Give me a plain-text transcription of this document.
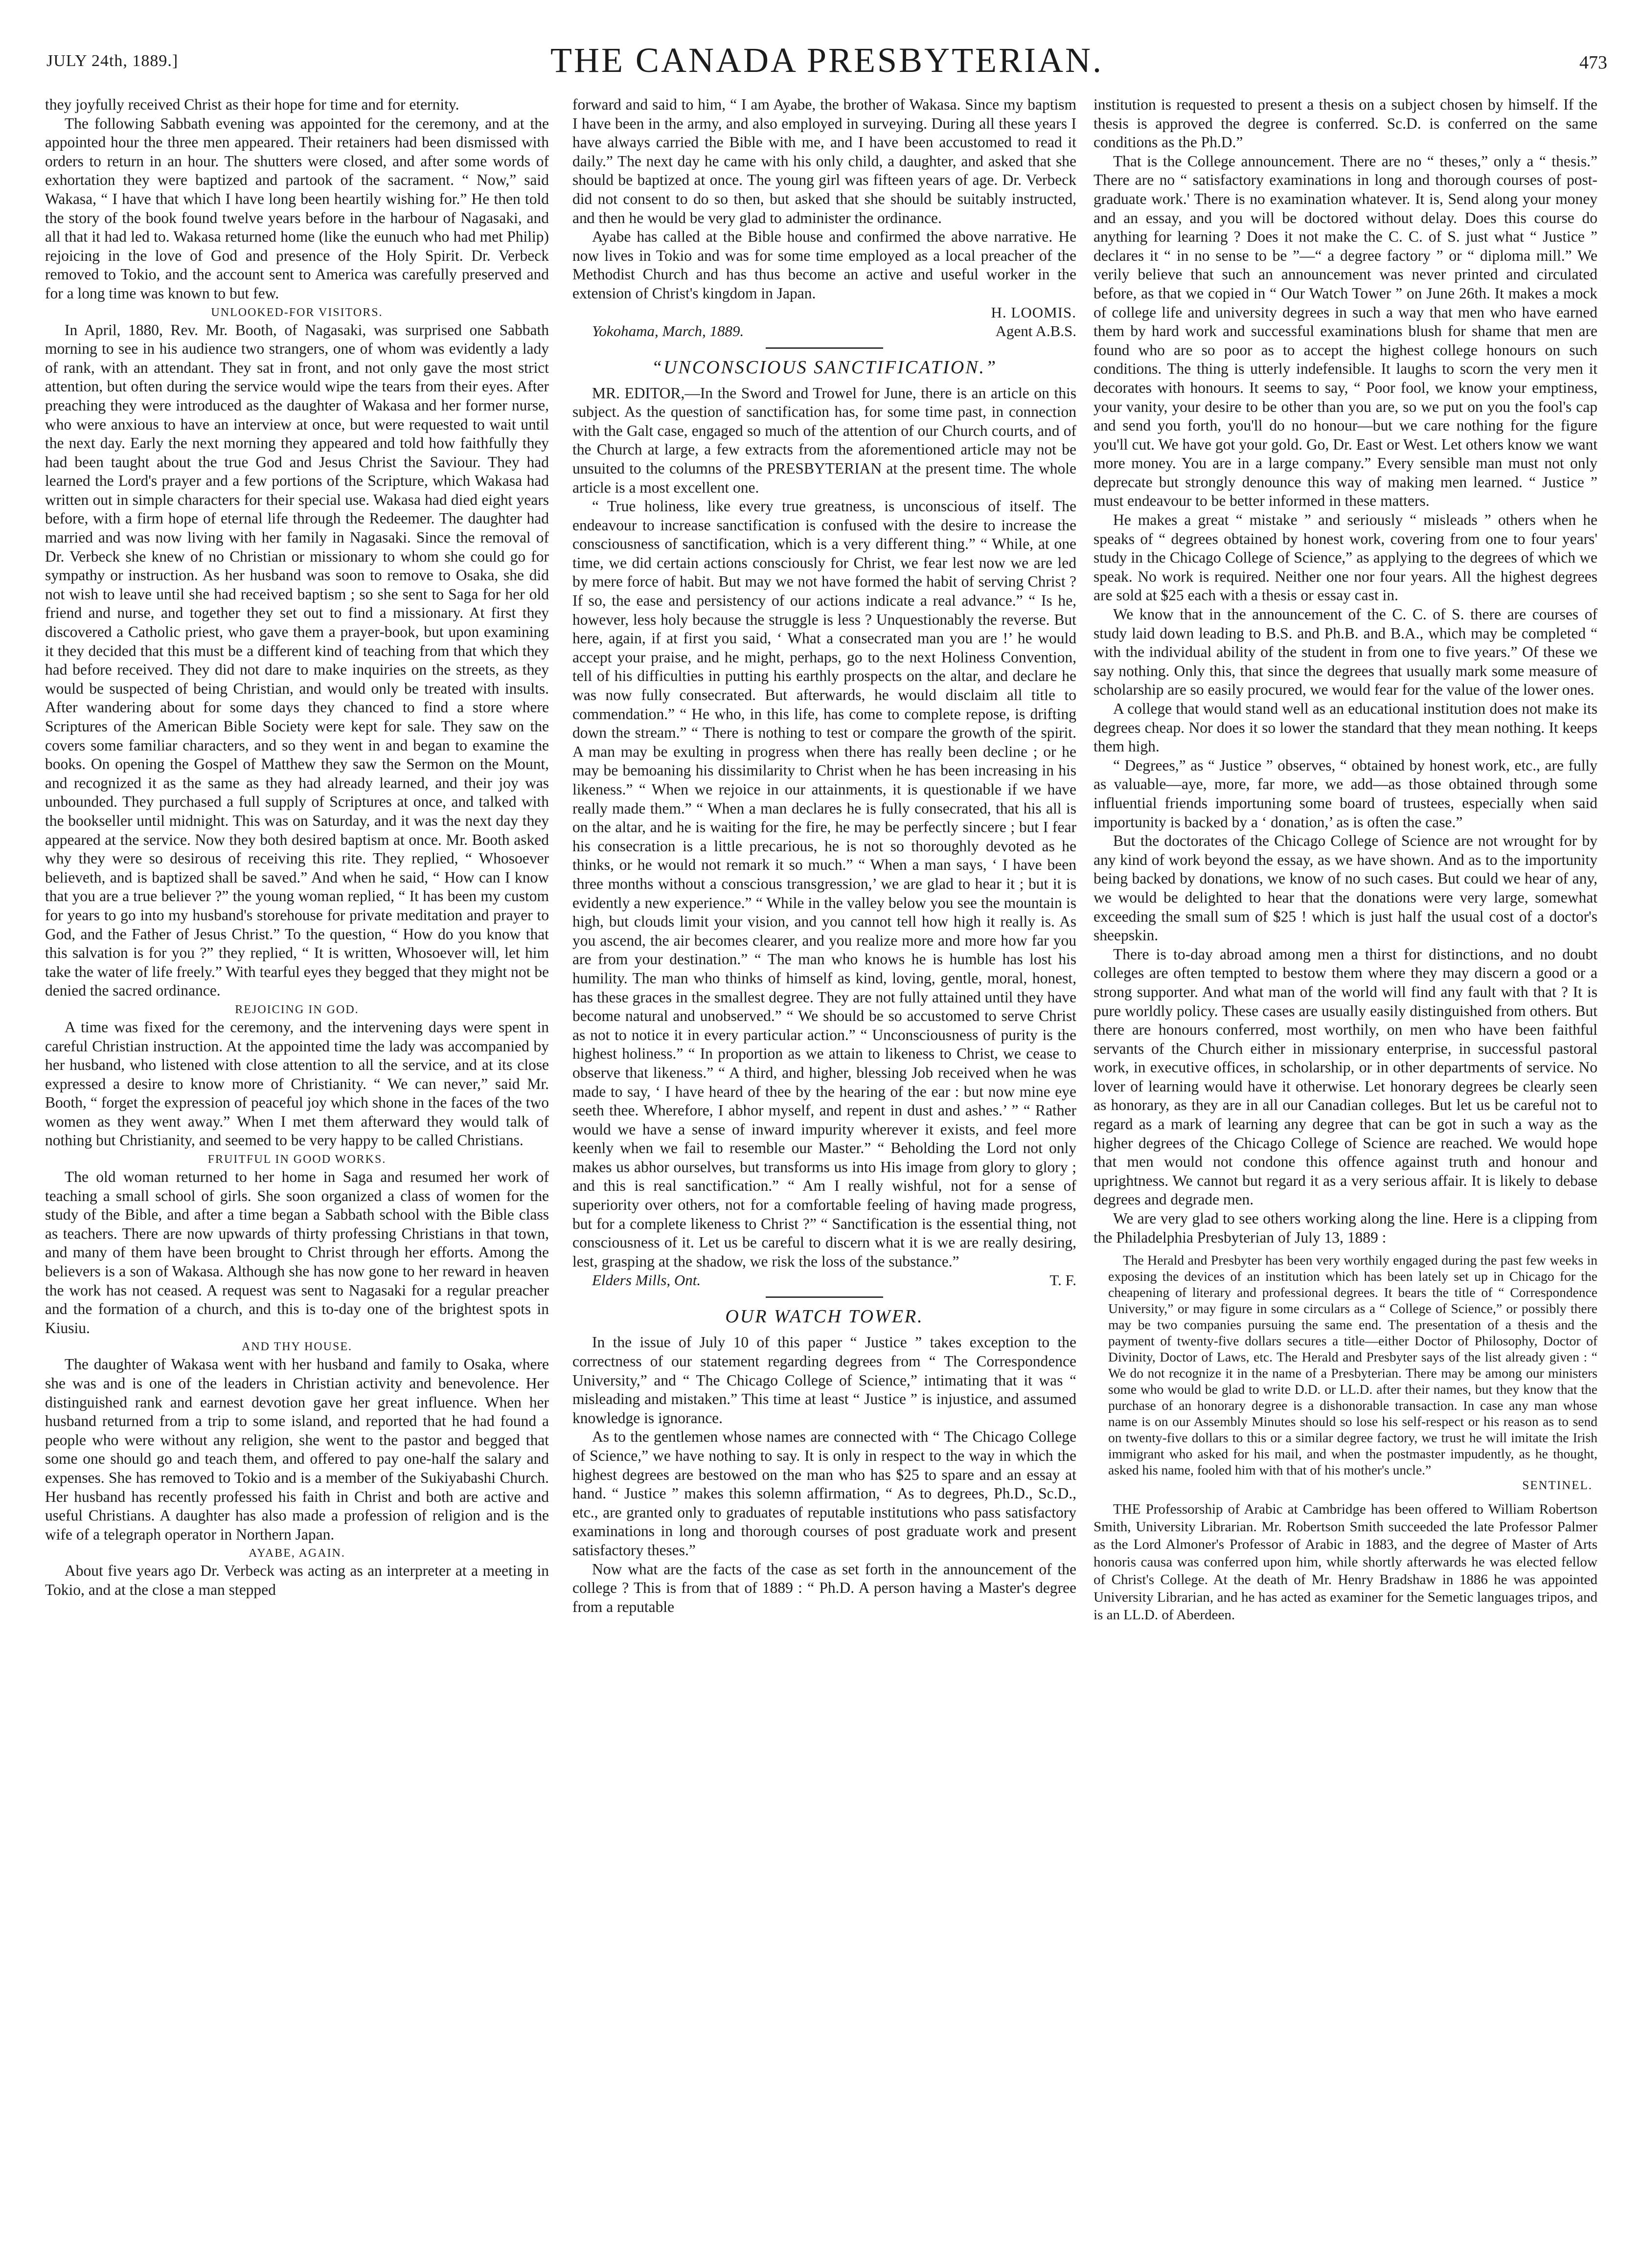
JULY 24th, 1889.]	THE CANADA PRESBYTERIAN.	473

they joyfully received Christ as their hope for time and for eternity.

The following Sabbath evening was appointed for the ceremony, and at the appointed hour the three men appeared. Their retainers had been dismissed with orders to return in an hour. The shutters were closed, and after some words of exhortation they were baptized and partook of the sacrament. “ Now,” said Wakasa, “ I have that which I have long been heartily wishing for.” He then told the story of the book found twelve years before in the harbour of Nagasaki, and all that it had led to. Wakasa returned home (like the eunuch who had met Philip) rejoicing in the love of God and presence of the Holy Spirit. Dr. Verbeck removed to Tokio, and the account sent to America was carefully preserved and for a long time was known to but few.

UNLOOKED-FOR VISITORS.

In April, 1880, Rev. Mr. Booth, of Nagasaki, was surprised one Sabbath morning to see in his audience two strangers, one of whom was evidently a lady of rank, with an attendant. They sat in front, and not only gave the most strict attention, but often during the service would wipe the tears from their eyes. After preaching they were introduced as the daughter of Wakasa and her former nurse, who were anxious to have an interview at once, but were requested to wait until the next day. Early the next morning they appeared and told how faithfully they had been taught about the true God and Jesus Christ the Saviour. They had learned the Lord's prayer and a few portions of the Scripture, which Wakasa had written out in simple characters for their special use. Wakasa had died eight years before, with a firm hope of eternal life through the Redeemer. The daughter had married and was now living with her family in Nagasaki. Since the removal of Dr. Verbeck she knew of no Christian or missionary to whom she could go for sympathy or instruction. As her husband was soon to remove to Osaka, she did not wish to leave until she had received baptism ; so she sent to Saga for her old friend and nurse, and together they set out to find a missionary. At first they discovered a Catholic priest, who gave them a prayer-book, but upon examining it they decided that this must be a different kind of teaching from that which they had before received. They did not dare to make inquiries on the streets, as they would be suspected of being Christian, and would only be treated with insults. After wandering about for some days they chanced to find a store where Scriptures of the American Bible Society were kept for sale. They saw on the covers some familiar characters, and so they went in and began to examine the books. On opening the Gospel of Matthew they saw the Sermon on the Mount, and recognized it as the same as they had already learned, and their joy was unbounded. They purchased a full supply of Scriptures at once, and talked with the bookseller until midnight. This was on Saturday, and it was the next day they appeared at the service. Now they both desired baptism at once. Mr. Booth asked why they were so desirous of receiving this rite. They replied, “ Whosoever believeth, and is baptized shall be saved.” And when he said, “ How can I know that you are a true believer ?” the young woman replied, “ It has been my custom for years to go into my husband's storehouse for private meditation and prayer to God, and the Father of Jesus Christ.” To the question, “ How do you know that this salvation is for you ?” they replied, “ It is written, Whosoever will, let him take the water of life freely.” With tearful eyes they begged that they might not be denied the sacred ordinance.

REJOICING IN GOD.

A time was fixed for the ceremony, and the intervening days were spent in careful Christian instruction. At the appointed time the lady was accompanied by her husband, who listened with close attention to all the service, and at its close expressed a desire to know more of Christianity. “ We can never,” said Mr. Booth, “ forget the expression of peaceful joy which shone in the faces of the two women as they went away.” When I met them afterward they would talk of nothing but Christianity, and seemed to be very happy to be called Christians.

FRUITFUL IN GOOD WORKS.

The old woman returned to her home in Saga and resumed her work of teaching a small school of girls. She soon organized a class of women for the study of the Bible, and after a time began a Sabbath school with the Bible class as teachers. There are now upwards of thirty professing Christians in that town, and many of them have been brought to Christ through her efforts. Among the believers is a son of Wakasa. Although she has now gone to her reward in heaven the work has not ceased. A request was sent to Nagasaki for a regular preacher and the formation of a church, and this is to-day one of the brightest spots in Kiusiu.

AND THY HOUSE.

The daughter of Wakasa went with her husband and family to Osaka, where she was and is one of the leaders in Christian activity and benevolence. Her distinguished rank and earnest devotion gave her great influence. When her husband returned from a trip to some island, and reported that he had found a people who were without any religion, she went to the pastor and begged that some one should go and teach them, and offered to pay one-half the salary and expenses. She has removed to Tokio and is a member of the Sukiyabashi Church. Her husband has recently professed his faith in Christ and both are active and useful Christians. A daughter has also made a profession of religion and is the wife of a telegraph operator in Northern Japan.

AYABE, AGAIN.

About five years ago Dr. Verbeck was acting as an interpreter at a meeting in Tokio, and at the close a man stepped

forward and said to him, “ I am Ayabe, the brother of Wakasa. Since my baptism I have been in the army, and also employed in surveying. During all these years I have always carried the Bible with me, and I have been accustomed to read it daily.” The next day he came with his only child, a daughter, and asked that she should be baptized at once. The young girl was fifteen years of age. Dr. Verbeck did not consent to do so then, but asked that she should be suitably instructed, and then he would be very glad to administer the ordinance.

Ayabe has called at the Bible house and confirmed the above narrative. He now lives in Tokio and was for some time employed as a local preacher of the Methodist Church and has thus become an active and useful worker in the extension of Christ's kingdom in Japan.

H. LOOMIS.
Yokohama, March, 1889.	Agent A.B.S.
“UNCONSCIOUS SANCTIFICATION.”

MR. EDITOR,—In the Sword and Trowel for June, there is an article on this subject. As the question of sanctification has, for some time past, in connection with the Galt case, engaged so much of the attention of our Church courts, and of the Church at large, a few extracts from the aforementioned article may not be unsuited to the columns of the PRESBYTERIAN at the present time. The whole article is a most excellent one.

“ True holiness, like every true greatness, is unconscious of itself. The endeavour to increase sanctification is confused with the desire to increase the consciousness of sanctification, which is a very different thing.” “ While, at one time, we did certain actions consciously for Christ, we fear lest now we are led by mere force of habit. But may we not have formed the habit of serving Christ ? If so, the ease and persistency of our actions indicate a real advance.” “ Is he, however, less holy because the struggle is less ? Unquestionably the reverse. But here, again, if at first you said, ‘ What a consecrated man you are !’ he would accept your praise, and he might, perhaps, go to the next Holiness Convention, tell of his difficulties in putting his earthly prospects on the altar, and declare he was now fully consecrated. But afterwards, he would disclaim all title to commendation.” “ He who, in this life, has come to complete repose, is drifting down the stream.” “ There is nothing to test or compare the growth of the spirit. A man may be exulting in progress when there has really been decline ; or he may be bemoaning his dissimilarity to Christ when he has been increasing in his likeness.” “ When we rejoice in our attainments, it is questionable if we have really made them.” “ When a man declares he is fully consecrated, that his all is on the altar, and he is waiting for the fire, he may be perfectly sincere ; but I fear his consecration is a little precarious, he is not so thoroughly devoted as he thinks, or he would not remark it so much.” “ When a man says, ‘ I have been three months without a conscious transgression,’ we are glad to hear it ; but it is evidently a new experience.” “ While in the valley below you see the mountain is high, but clouds limit your vision, and you cannot tell how high it really is. As you ascend, the air becomes clearer, and you realize more and more how far you are from your destination.” “ The man who knows he is humble has lost his humility. The man who thinks of himself as kind, loving, gentle, moral, honest, has these graces in the smallest degree. They are not fully attained until they have become natural and unobserved.” “ We should be so accustomed to serve Christ as not to notice it in every particular action.” “ Unconsciousness of purity is the highest holiness.” “ In proportion as we attain to likeness to Christ, we cease to observe that likeness.” “ A third, and higher, blessing Job received when he was made to say, ‘ I have heard of thee by the hearing of the ear : but now mine eye seeth thee. Wherefore, I abhor myself, and repent in dust and ashes.’ ” “ Rather would we have a sense of inward impurity wherever it exists, and feel more keenly when we fail to resemble our Master.” “ Beholding the Lord not only makes us abhor ourselves, but transforms us into His image from glory to glory ; and this is real sanctification.” “ Am I really wishful, not for a sense of superiority over others, not for a comfortable feeling of having made progress, but for a complete likeness to Christ ?” “ Sanctification is the essential thing, not consciousness of it. Let us be careful to discern what it is we are really desiring, lest, grasping at the shadow, we risk the loss of the substance.”

Elders Mills, Ont.	T. F.
OUR WATCH TOWER.

In the issue of July 10 of this paper “ Justice ” takes exception to the correctness of our statement regarding degrees from “ The Correspondence University,” and “ The Chicago College of Science,” intimating that it was “ misleading and mistaken.” This time at least “ Justice ” is injustice, and assumed knowledge is ignorance.

As to the gentlemen whose names are connected with “ The Chicago College of Science,” we have nothing to say. It is only in respect to the way in which the highest degrees are bestowed on the man who has $25 to spare and an essay at hand. “ Justice ” makes this solemn affirmation, “ As to degrees, Ph.D., Sc.D., etc., are granted only to graduates of reputable institutions who pass satisfactory examinations in long and thorough courses of post graduate work and present satisfactory theses.”

Now what are the facts of the case as set forth in the announcement of the college ? This is from that of 1889 : “ Ph.D. A person having a Master's degree from a reputable

institution is requested to present a thesis on a subject chosen by himself. If the thesis is approved the degree is conferred. Sc.D. is conferred on the same conditions as the Ph.D.”

That is the College announcement. There are no “ theses,” only a “ thesis.” There are no “ satisfactory examinations in long and thorough courses of post-graduate work.' There is no examination whatever. It is, Send along your money and an essay, and you will be doctored without delay. Does this course do anything for learning ? Does it not make the C. C. of S. just what “ Justice ” declares it “ in no sense to be ”—“ a degree factory ” or “ diploma mill.” We verily believe that such an announcement was never printed and circulated before, as that we copied in “ Our Watch Tower ” on June 26th. It makes a mock of college life and university degrees in such a way that men who have earned them by hard work and successful examinations blush for shame that men are found who are so poor as to accept the highest college honours on such conditions. The thing is utterly indefensible. It laughs to scorn the very men it decorates with honours. It seems to say, “ Poor fool, we know your emptiness, your vanity, your desire to be other than you are, so we put on you the fool's cap and send you forth, you'll do no honour—but we care nothing for the figure you'll cut. We have got your gold. Go, Dr. East or West. Let others know we want more money. You are in a large company.” Every sensible man must not only deprecate but strongly denounce this way of making men learned. “ Justice ” must endeavour to be better informed in these matters.

He makes a great “ mistake ” and seriously “ misleads ” others when he speaks of “ degrees obtained by honest work, covering from one to four years' study in the Chicago College of Science,” as applying to the degrees of which we speak. No work is required. Neither one nor four years. All the highest degrees are sold at $25 each with a thesis or essay cast in.

We know that in the announcement of the C. C. of S. there are courses of study laid down leading to B.S. and Ph.B. and B.A., which may be completed “ with the individual ability of the student in from one to five years.” Of these we say nothing. Only this, that since the degrees that usually mark some measure of scholarship are so easily procured, we would fear for the value of the lower ones.

A college that would stand well as an educational institution does not make its degrees cheap. Nor does it so lower the standard that they mean nothing. It keeps them high.

“ Degrees,” as “ Justice ” observes, “ obtained by honest work, etc., are fully as valuable—aye, more, far more, we add—as those obtained through some influential friends importuning some board of trustees, especially when said importunity is backed by a ‘ donation,’ as is often the case.”

But the doctorates of the Chicago College of Science are not wrought for by any kind of work beyond the essay, as we have shown. And as to the importunity being backed by donations, we know of no such cases. But could we hear of any, we would be delighted to hear that the donations were very large, somewhat exceeding the small sum of $25 ! which is just half the usual cost of a doctor's sheepskin.

There is to-day abroad among men a thirst for distinctions, and no doubt colleges are often tempted to bestow them where they may discern a good or a strong supporter. And what man of the world will find any fault with that ? It is pure worldly policy. These cases are usually easily distinguished from others. But there are honours conferred, most worthily, on men who have been faithful servants of the Church either in missionary enterprise, in successful pastoral work, in executive offices, in scholarship, or in other departments of service. No lover of learning would have it otherwise. Let honorary degrees be clearly seen as honorary, as they are in all our Canadian colleges. But let us be careful not to regard as a mark of learning any degree that can be got in such a way as the higher degrees of the Chicago College of Science are reached. We would hope that men would not condone this offence against truth and honour and uprightness. We cannot but regard it as a very serious affair. It is likely to debase degrees and degrade men.

We are very glad to see others working along the line. Here is a clipping from the Philadelphia Presbyterian of July 13, 1889 :

The Herald and Presbyter has been very worthily engaged during the past few weeks in exposing the devices of an institution which has been lately set up in Chicago for the cheapening of literary and professional degrees. It bears the title of “ Correspondence University,” or may figure in some circulars as a “ College of Science,” or possibly there may be two companies pursuing the same end. The presentation of a thesis and the payment of twenty-five dollars secures a title—either Doctor of Philosophy, Doctor of Divinity, Doctor of Laws, etc. The Herald and Presbyter says of the list already given : “ We do not recognize it in the name of a Presbyterian. There may be among our ministers some who would be glad to write D.D. or LL.D. after their names, but they know that the purchase of an honorary degree is a dishonorable transaction. In case any man whose name is on our Assembly Minutes should so lose his self-respect or his reason as to send on twenty-five dollars to this or a similar degree factory, we trust he will imitate the Irish immigrant who asked for his mail, and when the postmaster impudently, as he thought, asked his name, fooled him with that of his mother's uncle.”

SENTINEL.

THE Professorship of Arabic at Cambridge has been offered to William Robertson Smith, University Librarian. Mr. Robertson Smith succeeded the late Professor Palmer as the Lord Almoner's Professor of Arabic in 1883, and the degree of Master of Arts honoris causa was conferred upon him, while shortly afterwards he was elected fellow of Christ's College. At the death of Mr. Henry Bradshaw in 1886 he was appointed University Librarian, and he has acted as examiner for the Semetic languages tripos, and is an LL.D. of Aberdeen.
